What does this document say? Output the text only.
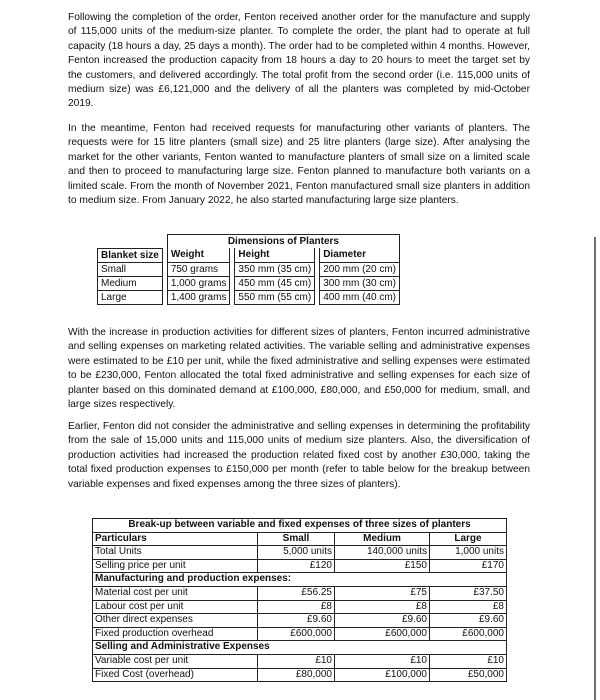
Following the completion of the order, Fenton received another order for the manufacture and supply of 115,000 units of the medium-size planter. To complete the order, the plant had to operate at full capacity (18 hours a day, 25 days a month). The order had to be completed within 4 months. However, Fenton increased the production capacity from 18 hours a day to 20 hours to meet the target set by the customers, and delivered accordingly. The total profit from the second order (i.e. 115,000 units of medium size) was £6,121,000 and the delivery of all the planters was completed by mid-October 2019.

In the meantime, Fenton had received requests for manufacturing other variants of planters. The requests were for 15 litre planters (small size) and 25 litre planters (large size). After analysing the market for the other variants, Fenton wanted to manufacture planters of small size on a limited scale and then to proceed to manufacturing large size. Fenton planned to manufacture both variants on a limited scale. From the month of November 2021, Fenton manufactured small size planters in addition to medium size. From January 2022, he also started manufacturing large size planters.

		Dimensions of Planters				
Blanket size		Weight		Height		Diameter
Small		750 grams		350 mm (35 cm)		200 mm (20 cm)
Medium		1,000 grams		450 mm (45 cm)		300 mm (30 cm)
Large		1,400 grams		550 mm (55 cm)		400 mm (40 cm)

With the increase in production activities for different sizes of planters, Fenton incurred administrative and selling expenses on marketing related activities. The variable selling and administrative expenses were estimated to be £10 per unit, while the fixed administrative and selling expenses were estimated to be £230,000, Fenton allocated the total fixed administrative and selling expenses for each size of planter based on this dominated demand at £100,000, £80,000, and £50,000 for medium, small, and large sizes respectively.

Earlier, Fenton did not consider the administrative and selling expenses in determining the profitability from the sale of 15,000 units and 115,000 units of medium size planters. Also, the diversification of production activities had increased the production related fixed cost by another £30,000, taking the total fixed production expenses to £150,000 per month (refer to table below for the breakup between variable expenses and fixed expenses among the three sizes of planters).

Break-up between variable and fixed expenses of three sizes of planters			
Particulars	Small	Medium	Large
Total Units	5,000 units	140,000 units	1,000 units
Selling price per unit	£120	£150	£170
Manufacturing and production expenses:			
Material cost per unit	£56.25	£75	£37.50
Labour cost per unit	£8	£8	£8
Other direct expenses	£9.60	£9.60	£9.60
Fixed production overhead	£600,000	£600,000	£600,000
Selling and Administrative Expenses			
Variable cost per unit	£10	£10	£10
Fixed Cost (overhead)	£80,000	£100,000	£50,000
